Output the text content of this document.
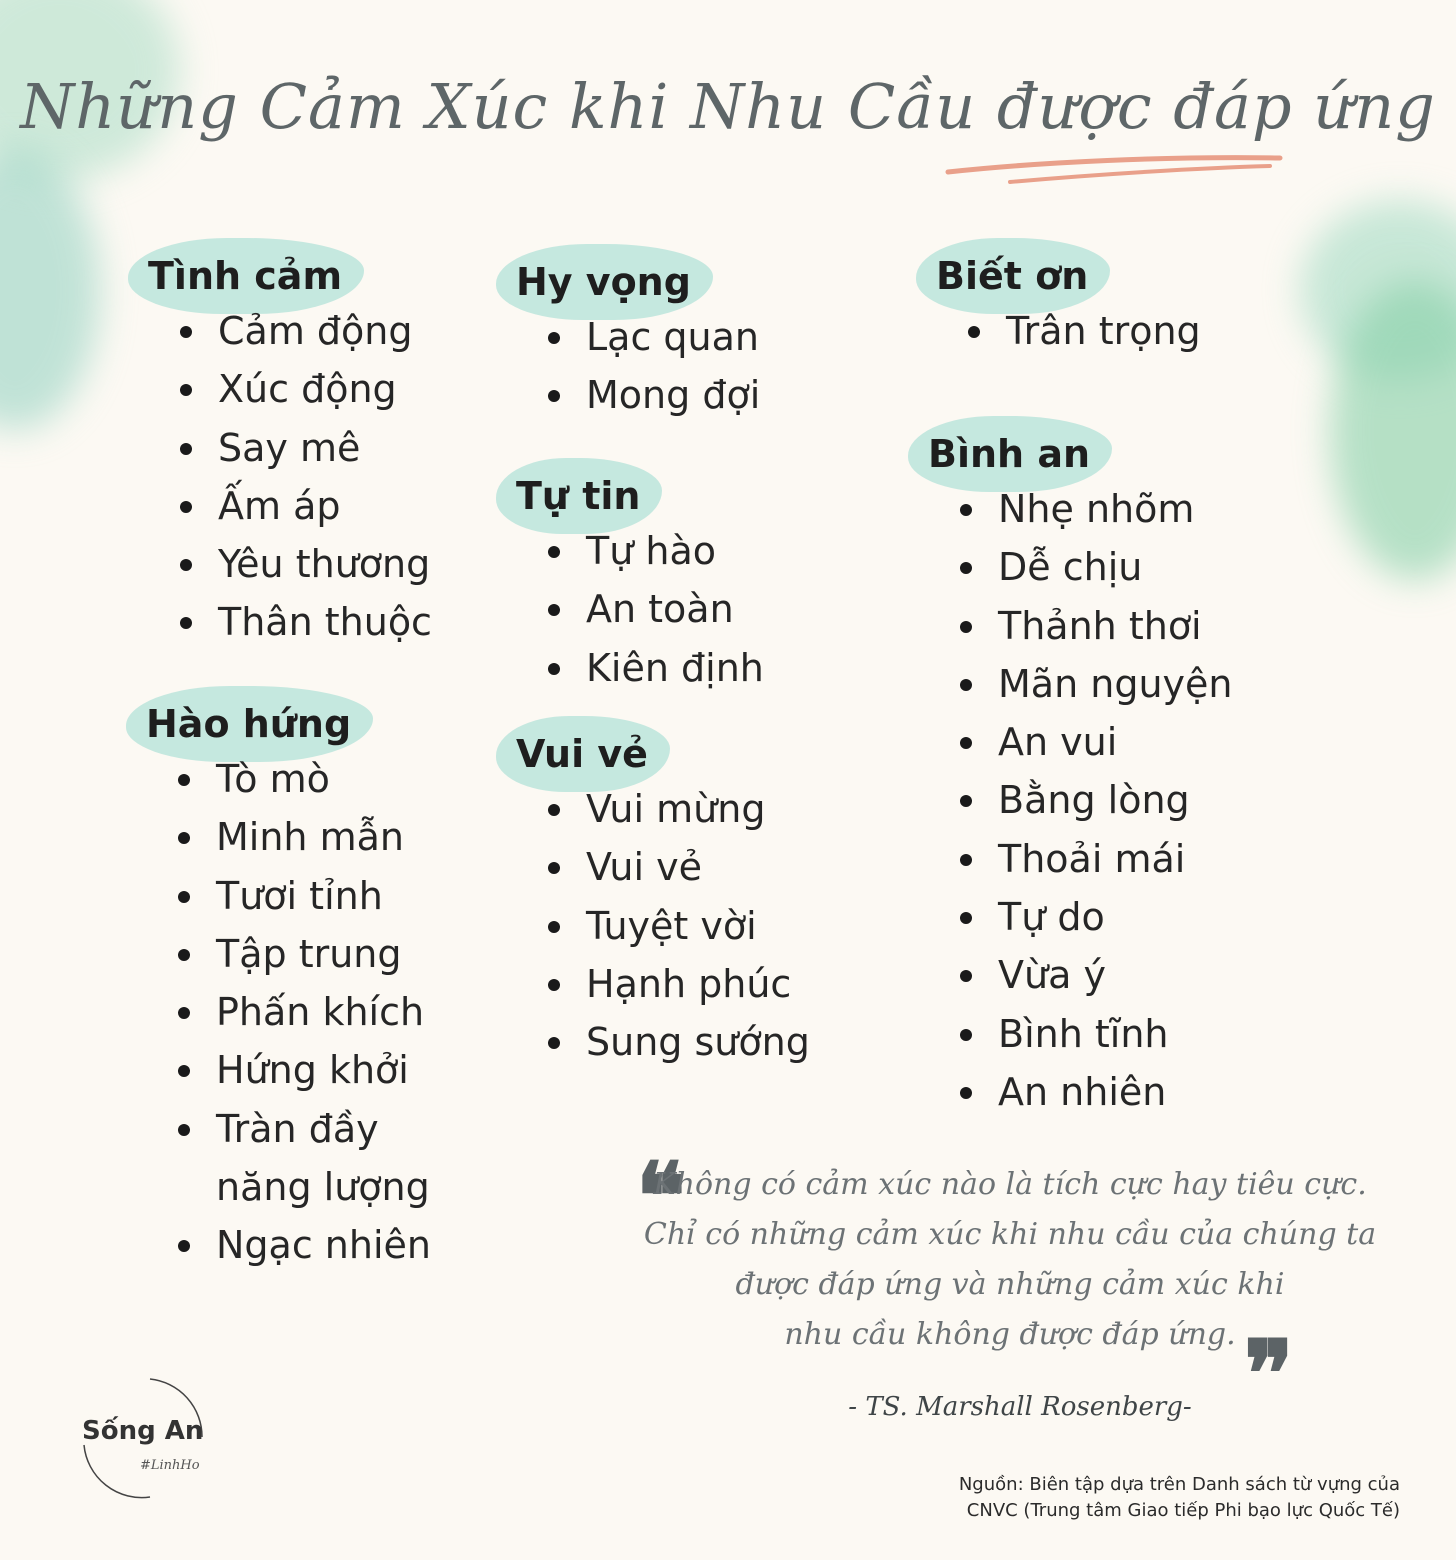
Những Cảm Xúc khi Nhu Cầu được đáp ứng
Tình cảm
Cảm động
Xúc động
Say mê
Ấm áp
Yêu thương
Thân thuộc
Hào hứng
Tò mò
Minh mẫn
Tươi tỉnh
Tập trung
Phấn khích
Hứng khởi
Tràn đầy
năng lượng
Ngạc nhiên
Hy vọng
Lạc quan
Mong đợi
Tự tin
Tự hào
An toàn
Kiên định
Vui vẻ
Vui mừng
Vui vẻ
Tuyệt vời
Hạnh phúc
Sung sướng
Biết ơn
Trân trọng
Bình an
Nhẹ nhõm
Dễ chịu
Thảnh thơi
Mãn nguyện
An vui
Bằng lòng
Thoải mái
Tự do
Vừa ý
Bình tĩnh
An nhiên
❝
Không có cảm xúc nào là tích cực hay tiêu cực.
Chỉ có những cảm xúc khi nhu cầu của chúng ta
được đáp ứng và những cảm xúc khi
nhu cầu không được đáp ứng. ❞
- TS. Marshall Rosenberg-
Sống An
#LinhHo
Nguồn: Biên tập dựa trên Danh sách từ vựng của
CNVC (Trung tâm Giao tiếp Phi bạo lực Quốc Tế)
